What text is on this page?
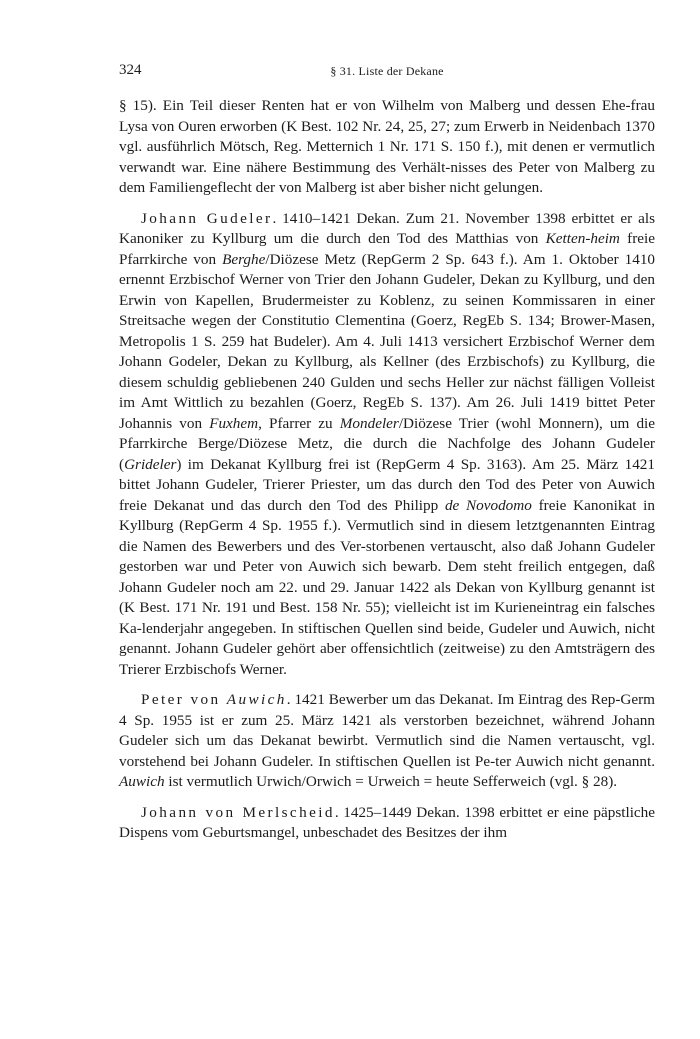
324	§ 31. Liste der Dekane

§ 15). Ein Teil dieser Renten hat er von Wilhelm von Malberg und dessen Ehe-frau Lysa von Ouren erworben (K Best. 102 Nr. 24, 25, 27; zum Erwerb in Neidenbach 1370 vgl. ausführlich Mötsch, Reg. Metternich 1 Nr. 171 S. 150 f.), mit denen er vermutlich verwandt war. Eine nähere Bestimmung des Verhält-nisses des Peter von Malberg zu dem Familiengeflecht der von Malberg ist aber bisher nicht gelungen.

Johann Gudeler. 1410–1421 Dekan. Zum 21. November 1398 erbittet er als Kanoniker zu Kyllburg um die durch den Tod des Matthias von Ketten-heim freie Pfarrkirche von Berghe/Diözese Metz (RepGerm 2 Sp. 643 f.). Am 1. Oktober 1410 ernennt Erzbischof Werner von Trier den Johann Gudeler, Dekan zu Kyllburg, und den Erwin von Kapellen, Brudermeister zu Koblenz, zu seinen Kommissaren in einer Streitsache wegen der Constitutio Clementina (Goerz, RegEb S. 134; Brower-Masen, Metropolis 1 S. 259 hat Budeler). Am 4. Juli 1413 versichert Erzbischof Werner dem Johann Godeler, Dekan zu Kyllburg, als Kellner (des Erzbischofs) zu Kyllburg, die diesem schuldig gebliebenen 240 Gulden und sechs Heller zur nächst fälligen Volleist im Amt Wittlich zu bezahlen (Goerz, RegEb S. 137). Am 26. Juli 1419 bittet Peter Johannis von Fuxhem, Pfarrer zu Mondeler/Diözese Trier (wohl Monnern), um die Pfarrkirche Berge/Diözese Metz, die durch die Nachfolge des Johann Gudeler (Grideler) im Dekanat Kyllburg frei ist (RepGerm 4 Sp. 3163). Am 25. März 1421 bittet Johann Gudeler, Trierer Priester, um das durch den Tod des Peter von Auwich freie Dekanat und das durch den Tod des Philipp de Novodomo freie Kanonikat in Kyllburg (RepGerm 4 Sp. 1955 f.). Vermutlich sind in diesem letztgenannten Eintrag die Namen des Bewerbers und des Ver-storbenen vertauscht, also daß Johann Gudeler gestorben war und Peter von Auwich sich bewarb. Dem steht freilich entgegen, daß Johann Gudeler noch am 22. und 29. Januar 1422 als Dekan von Kyllburg genannt ist (K Best. 171 Nr. 191 und Best. 158 Nr. 55); vielleicht ist im Kurieneintrag ein falsches Ka-lenderjahr angegeben. In stiftischen Quellen sind beide, Gudeler und Auwich, nicht genannt. Johann Gudeler gehört aber offensichtlich (zeitweise) zu den Amtsträgern des Trierer Erzbischofs Werner.

Peter von Auwich. 1421 Bewerber um das Dekanat. Im Eintrag des Rep-Germ 4 Sp. 1955 ist er zum 25. März 1421 als verstorben bezeichnet, während Johann Gudeler sich um das Dekanat bewirbt. Vermutlich sind die Namen vertauscht, vgl. vorstehend bei Johann Gudeler. In stiftischen Quellen ist Pe-ter Auwich nicht genannt. Auwich ist vermutlich Urwich/Orwich = Urweich = heute Sefferweich (vgl. § 28).

Johann von Merlscheid. 1425–1449 Dekan. 1398 erbittet er eine päpstliche Dispens vom Geburtsmangel, unbeschadet des Besitzes der ihm
